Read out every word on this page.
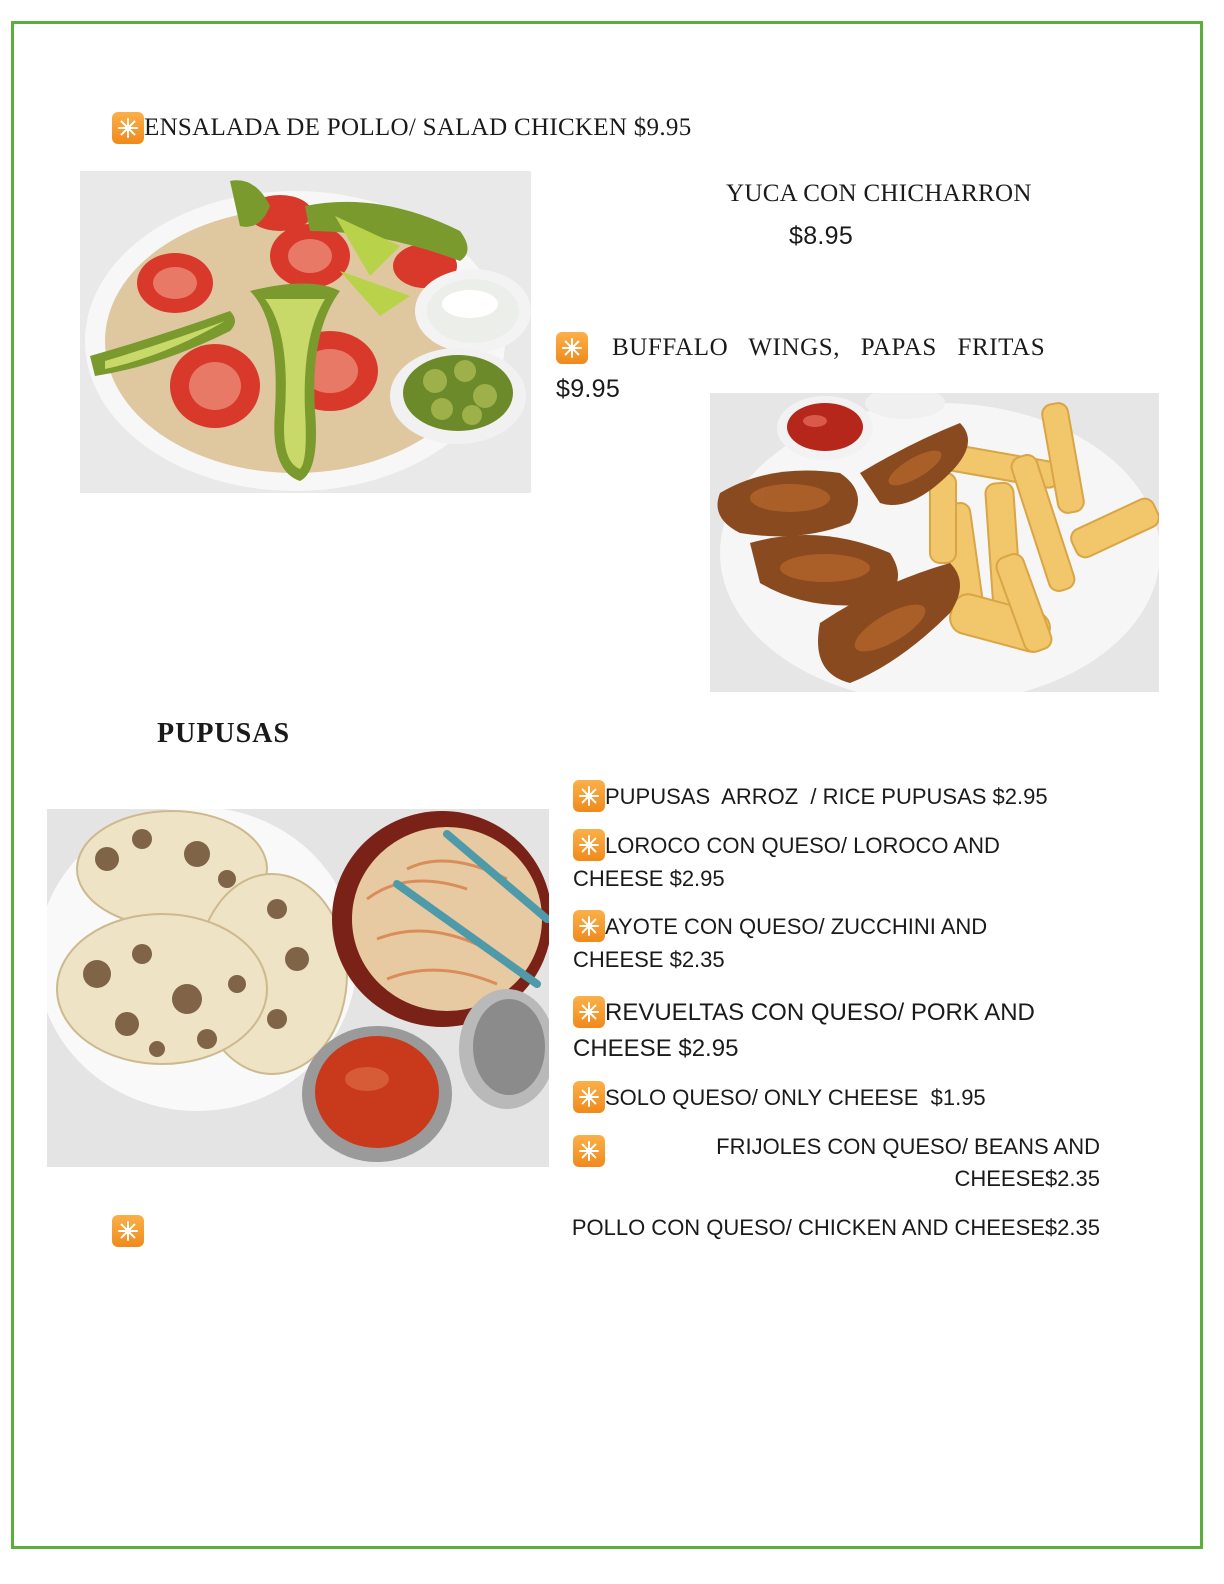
ENSALADA DE POLLO/ SALAD CHICKEN $9.95
YUCA CON CHICHARRON
$8.95
BUFFALO   WINGS,   PAPAS   FRITAS
$9.95
PUPUSAS
PUPUSAS  ARROZ  / RICE PUPUSAS $2.95
LOROCO CON QUESO/ LOROCO AND
CHEESE $2.95
AYOTE CON QUESO/ ZUCCHINI AND
CHEESE $2.35
REVUELTAS CON QUESO/ PORK AND
CHEESE $2.95
SOLO QUESO/ ONLY CHEESE  $1.95
FRIJOLES CON QUESO/ BEANS AND
CHEESE$2.35
POLLO CON QUESO/ CHICKEN AND CHEESE$2.35
